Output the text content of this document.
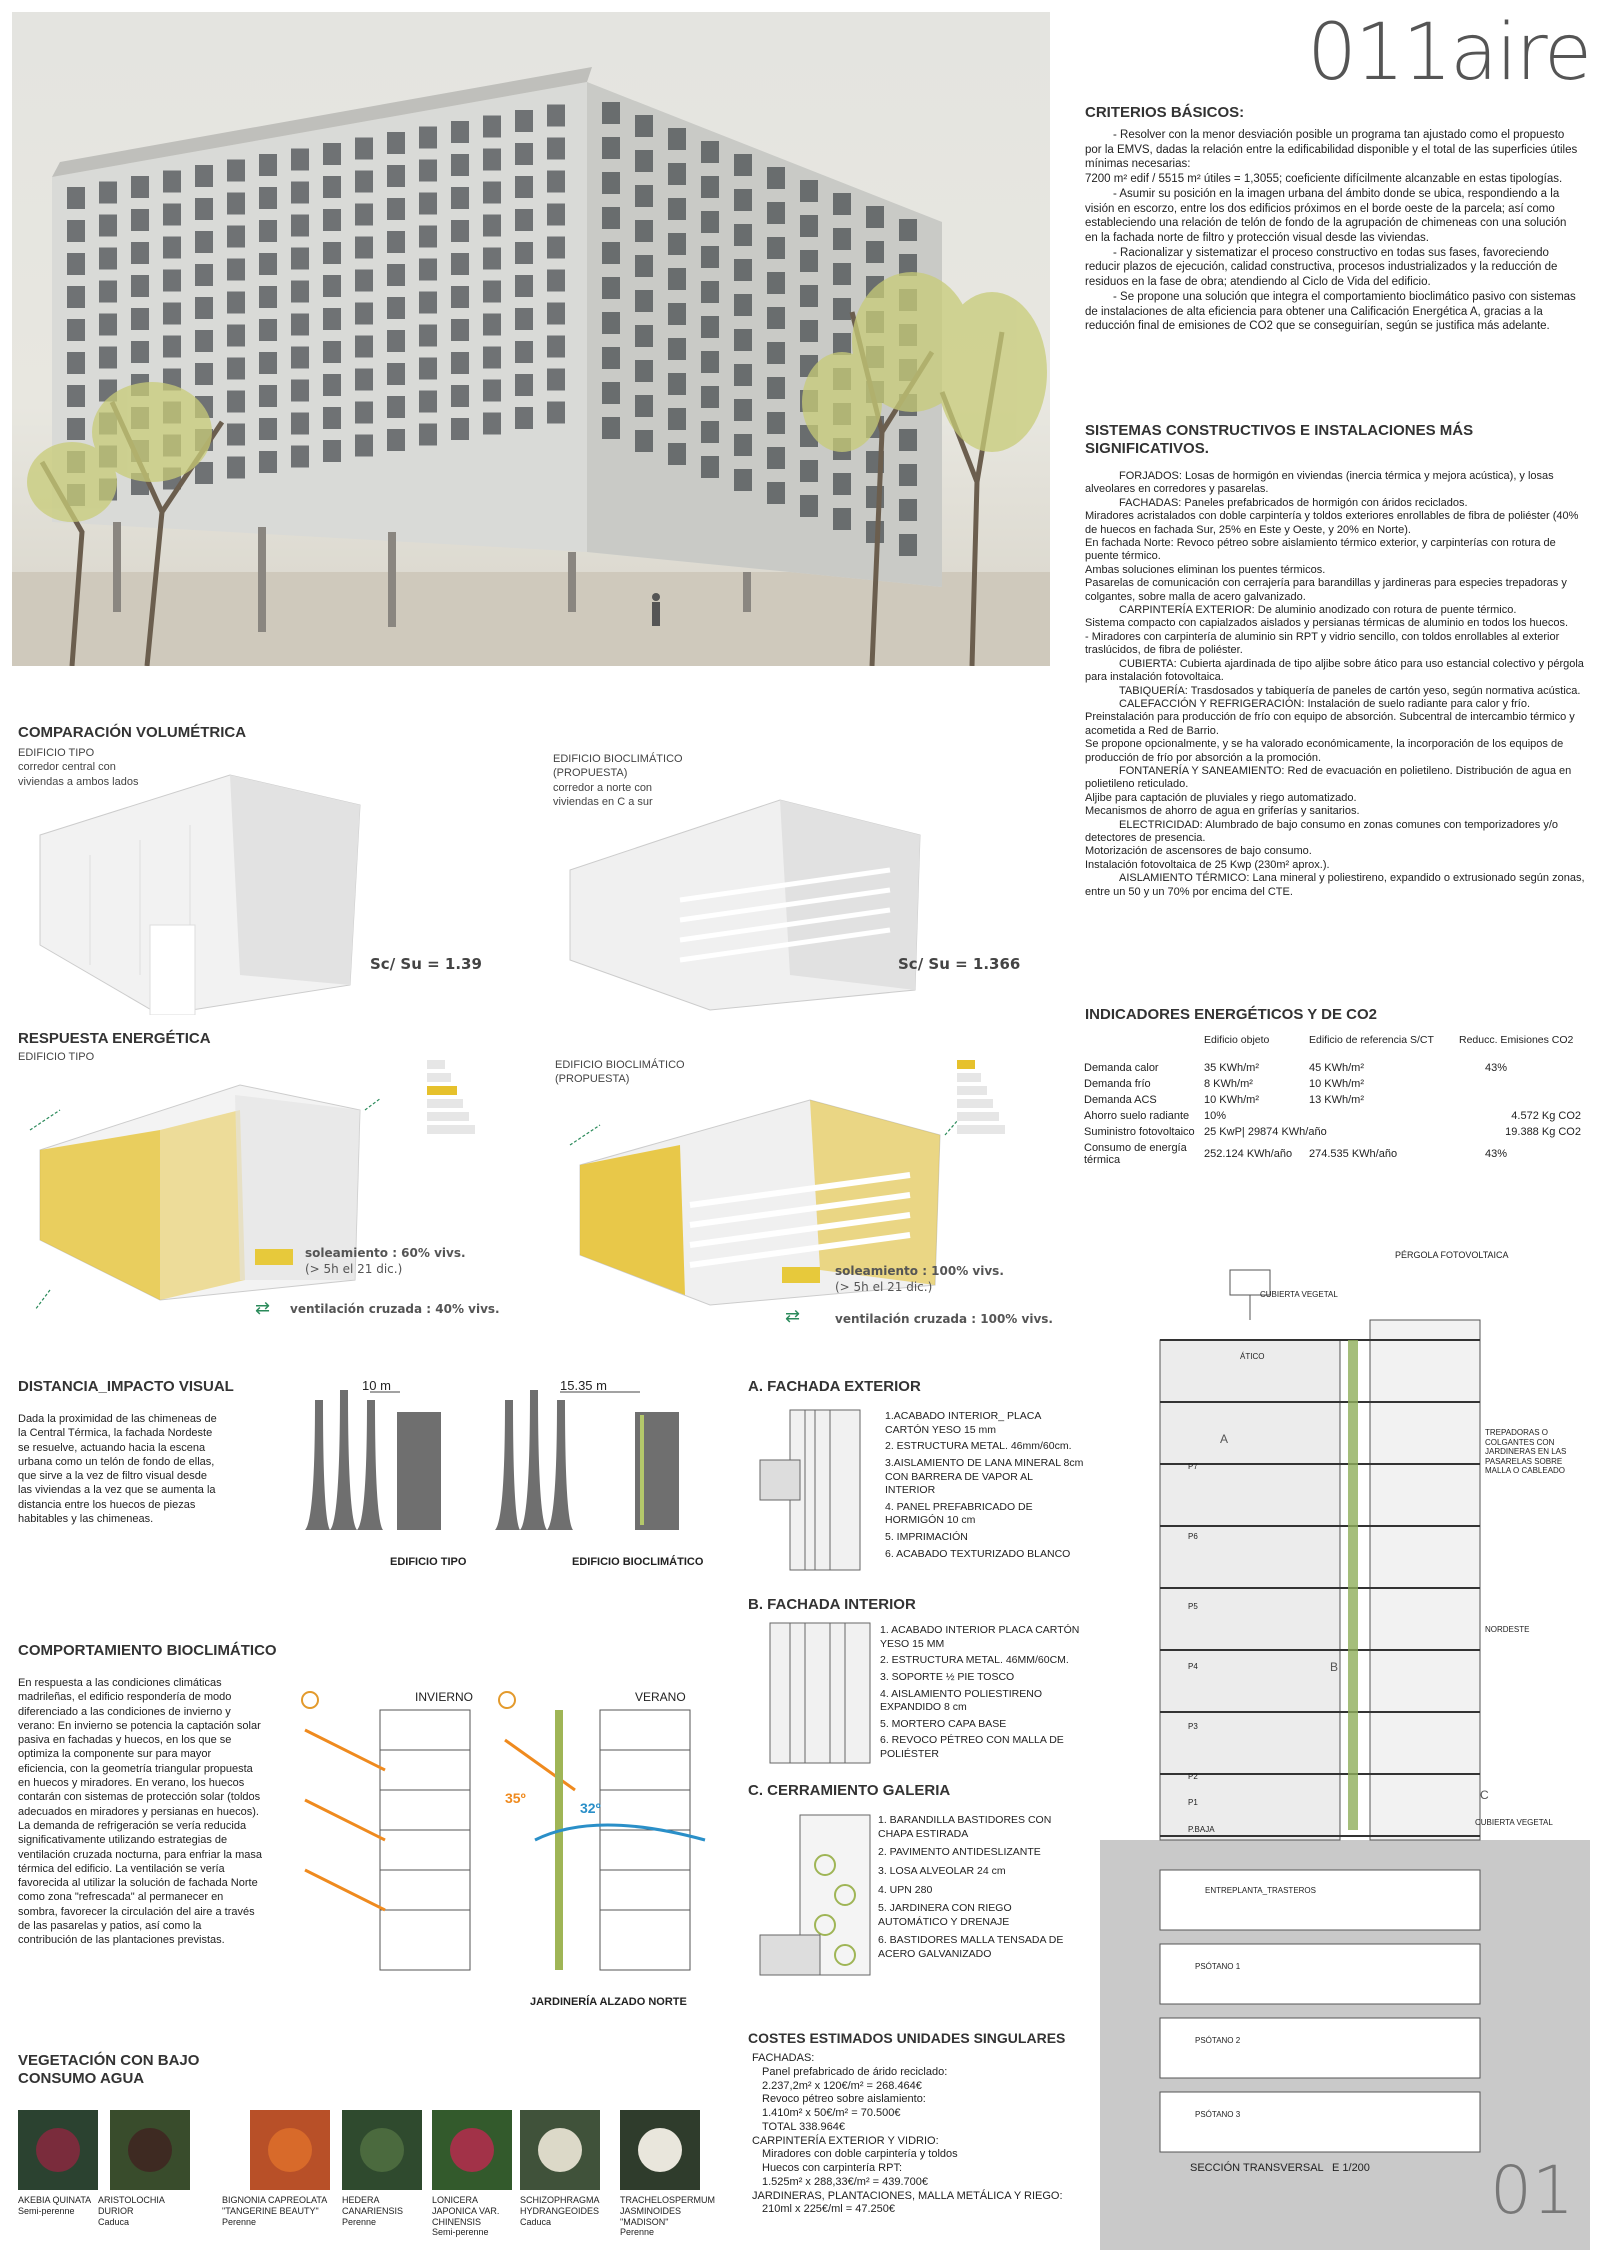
011aire
CRITERIOS BÁSICOS:

- Resolver con la menor desviación posible un programa tan ajustado como el propuesto por la EMVS, dadas la relación entre la edificabilidad disponible y el total de las superficies útiles mínimas necesarias:

7200 m² edif / 5515 m² útiles = 1,3055; coeficiente difícilmente alcanzable en estas tipologías.

- Asumir su posición en la imagen urbana del ámbito donde se ubica, respondiendo a la visión en escorzo, entre los dos edificios próximos en el borde oeste de la parcela; así como estableciendo una relación de telón de fondo de la agrupación de chimeneas con una solución en la fachada norte de filtro y protección visual desde las viviendas.

- Racionalizar y sistematizar el proceso constructivo en todas sus fases, favoreciendo reducir plazos de ejecución, calidad constructiva, procesos industrializados y la reducción de residuos en la fase de obra; atendiendo al Ciclo de Vida del edificio.

- Se propone una solución que integra el comportamiento bioclimático pasivo con sistemas de instalaciones de alta eficiencia para obtener una Calificación Energética A, gracias a la reducción final de emisiones de CO2 que se conseguirían, según se justifica más adelante.

SISTEMAS CONSTRUCTIVOS E INSTALACIONES MÁS SIGNIFICATIVOS.

FORJADOS: Losas de hormigón en viviendas (inercia térmica y mejora acústica), y losas alveolares en corredores y pasarelas.

FACHADAS: Paneles prefabricados de hormigón con áridos reciclados.

Miradores acristalados con doble carpintería y toldos exteriores enrollables de fibra de poliéster (40% de huecos en fachada Sur, 25% en Este y Oeste, y 20% en Norte).

En fachada Norte: Revoco pétreo sobre aislamiento térmico exterior, y carpinterías con rotura de puente térmico.

Ambas soluciones eliminan los puentes térmicos.

Pasarelas de comunicación con cerrajería para barandillas y jardineras para especies trepadoras y colgantes, sobre malla de acero galvanizado.

CARPINTERÍA EXTERIOR: De aluminio anodizado con rotura de puente térmico.

Sistema compacto con capialzados aislados y persianas térmicas de aluminio en todos los huecos.

- Miradores con carpintería de aluminio sin RPT y vidrio sencillo, con toldos enrollables al exterior traslúcidos, de fibra de poliéster.

CUBIERTA: Cubierta ajardinada de tipo aljibe sobre ático para uso estancial colectivo y pérgola para instalación fotovoltaica.

TABIQUERÍA: Trasdosados y tabiquería de paneles de cartón yeso, según normativa acústica.

CALEFACCIÓN Y REFRIGERACIÓN: Instalación de suelo radiante para calor y frío. Preinstalación para producción de frío con equipo de absorción. Subcentral de intercambio térmico y acometida a Red de Barrio.

Se propone opcionalmente, y se ha valorado económicamente, la incorporación de los equipos de producción de frío por absorción a la promoción.

FONTANERÍA Y SANEAMIENTO: Red de evacuación en polietileno. Distribución de agua en polietileno reticulado.

Aljibe para captación de pluviales y riego automatizado.

Mecanismos de ahorro de agua en griferías y sanitarios.

ELECTRICIDAD: Alumbrado de bajo consumo en zonas comunes con temporizadores y/o detectores de presencia.

Motorización de ascensores de bajo consumo.

Instalación fotovoltaica de 25 Kwp (230m² aprox.).

AISLAMIENTO TÉRMICO: Lana mineral y poliestireno, expandido o extrusionado según zonas, entre un 50 y un 70% por encima del CTE.

INDICADORES ENERGÉTICOS Y DE CO2
	Edificio objeto	Edificio de referencia S/CT	Reducc. Emisiones CO2
Demanda calor	35 KWh/m²	45 KWh/m²	43%
Demanda frío	8 KWh/m²	10 KWh/m²	
Demanda ACS	10 KWh/m²	13 KWh/m²	
Ahorro suelo radiante	10%		4.572 Kg CO2
Suministro fotovoltaico	25 KwP| 29874 KWh/año		19.388 Kg CO2
Consumo de energía térmica	252.124 KWh/año	274.535 KWh/año	43%
COMPARACIÓN VOLUMÉTRICA
EDIFICIO TIPO
corredor central con
viviendas a ambos lados
EDIFICIO BIOCLIMÁTICO
(PROPUESTA)
corredor a norte con
viviendas en C a sur
Sc/ Su = 1.39	Sc/ Su = 1.366
RESPUESTA ENERGÉTICA
EDIFICIO TIPO
EDIFICIO BIOCLIMÁTICO
(PROPUESTA)
soleamiento : 60% vivs.
(> 5h el 21 dic.)
ventilación cruzada : 40% vivs.
⇄
soleamiento : 100% vivs.
(> 5h el 21 dic.)
ventilación cruzada : 100% vivs.
⇄
DISTANCIA_IMPACTO VISUAL
Dada la proximidad de las chimeneas de la Central Térmica, la fachada Nordeste se resuelve, actuando hacia la escena urbana como un telón de fondo de ellas, que sirve a la vez de filtro visual desde las viviendas a la vez que se aumenta la distancia entre los huecos de piezas habitables y las chimeneas.
10 m	15.35 m
EDIFICIO TIPO	EDIFICIO BIOCLIMÁTICO
COMPORTAMIENTO BIOCLIMÁTICO
En respuesta a las condiciones climáticas madrileñas, el edificio respondería de modo diferenciado a las condiciones de invierno y verano: En invierno se potencia la captación solar pasiva en fachadas y huecos, en los que se optimiza la componente sur para mayor eficiencia, con la geometría triangular propuesta en huecos y miradores. En verano, los huecos contarán con sistemas de protección solar (toldos adecuados en miradores y persianas en huecos). La demanda de refrigeración se vería reducida significativamente utilizando estrategias de ventilación cruzada nocturna, para enfriar la masa térmica del edificio. La ventilación se vería favorecida al utilizar la solución de fachada Norte como zona "refrescada" al permanecer en sombra, favorecer la circulación del aire a través de las pasarelas y patios, así como la contribución de las plantaciones previstas.
INVIERNO	VERANO
35º
32º
JARDINERÍA ALZADO NORTE
VEGETACIÓN CON BAJO CONSUMO AGUA
AKEBIA QUINATA
Semi-perenne
ARISTOLOCHIA DURIOR
Caduca
BIGNONIA CAPREOLATA "TANGERINE BEAUTY"
Perenne
HEDERA CANARIENSIS
Perenne
LONICERA JAPONICA VAR. CHINENSIS
Semi-perenne
SCHIZOPHRAGMA HYDRANGEOIDES
Caduca
TRACHELOSPERMUM JASMINOIDES "MADISON"
Perenne
A. FACHADA EXTERIOR
1.ACABADO INTERIOR_ PLACA CARTÓN YESO 15 mm
2. ESTRUCTURA METAL. 46mm/60cm.
3.AISLAMIENTO DE LANA MINERAL 8cm CON BARRERA DE VAPOR AL INTERIOR
4. PANEL PREFABRICADO DE HORMIGÓN 10 cm
5. IMPRIMACIÓN
6. ACABADO TEXTURIZADO BLANCO
B. FACHADA INTERIOR
1. ACABADO INTERIOR PLACA CARTÓN YESO 15 MM
2. ESTRUCTURA METAL. 46MM/60CM.
3. SOPORTE ½ PIE TOSCO
4. AISLAMIENTO POLIESTIRENO EXPANDIDO 8 cm
5. MORTERO CAPA BASE
6. REVOCO PÉTREO CON MALLA DE POLIÉSTER
C. CERRAMIENTO GALERIA
1. BARANDILLA BASTIDORES CON CHAPA ESTIRADA
2. PAVIMENTO ANTIDESLIZANTE
3. LOSA ALVEOLAR 24 cm
4. UPN 280
5. JARDINERA CON RIEGO AUTOMÁTICO Y DRENAJE
6. BASTIDORES MALLA TENSADA DE ACERO GALVANIZADO
COSTES ESTIMADOS UNIDADES SINGULARES
FACHADAS:
Panel prefabricado de árido reciclado:
2.237,2m² x 120€/m² = 268.464€
Revoco pétreo sobre aislamiento:
1.410m² x 50€/m² = 70.500€
TOTAL 338.964€
CARPINTERÍA EXTERIOR Y VIDRIO:
Miradores con doble carpintería y toldos
Huecos con carpintería RPT:
1.525m² x 288,33€/m² = 439.700€
JARDINERAS, PLANTACIONES, MALLA METÁLICA Y RIEGO:
210ml x 225€/ml = 47.250€
PÉRGOLA FOTOVOLTAICA
CUBIERTA VEGETAL
ÁTICO
TREPADORAS O COLGANTES CON JARDINERAS EN LAS PASARELAS SOBRE MALLA O CABLEADO
NORDESTE
CUBIERTA VEGETAL
A
B
C
P7
P6
P5
P4
P3
P2
P1
P.BAJA
ENTREPLANTA_TRASTEROS
PSÓTANO 1
PSÓTANO 2
PSÓTANO 3
SECCIÓN TRANSVERSAL E 1/200 01
